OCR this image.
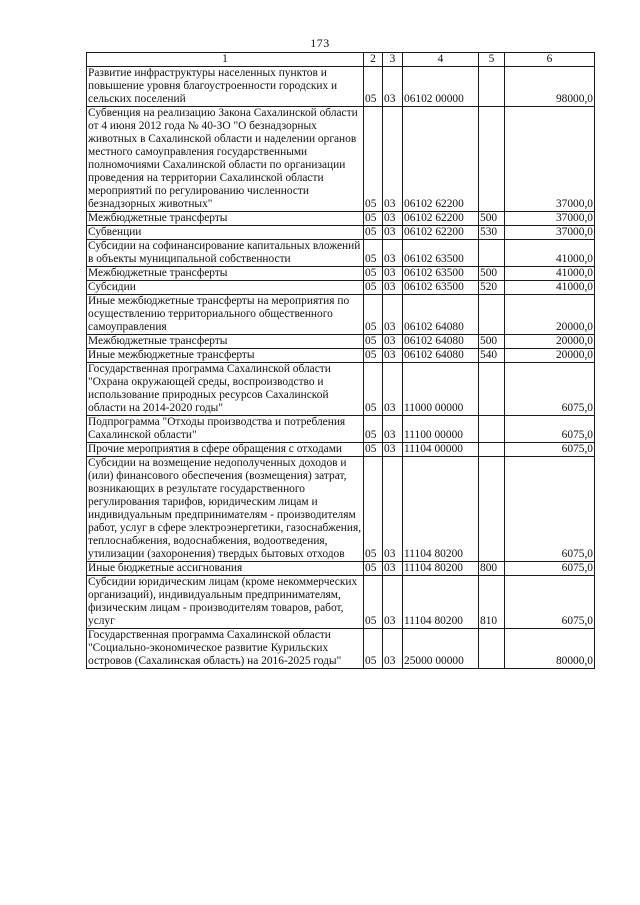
173
1	2	3	4	5	6
Развитие инфраструктуры населенных пунктов и повышение уровня благоустроенности городских и сельских поселений	05	03	06102 00000		98000,0
Субвенция на реализацию Закона Сахалинской области от 4 июня 2012 года № 40-ЗО "О безнадзорных животных в Сахалинской области и наделении органов местного самоуправления государственными полномочиями Сахалинской области по организации проведения на территории Сахалинской области мероприятий по регулированию численности безнадзорных животных"	05	03	06102 62200		37000,0
Межбюджетные трансферты	05	03	06102 62200	500	37000,0
Субвенции	05	03	06102 62200	530	37000,0
Субсидии на софинансирование капитальных вложений в объекты муниципальной собственности	05	03	06102 63500		41000,0
Межбюджетные трансферты	05	03	06102 63500	500	41000,0
Субсидии	05	03	06102 63500	520	41000,0
Иные межбюджетные трансферты на мероприятия по осуществлению территориального общественного самоуправления	05	03	06102 64080		20000,0
Межбюджетные трансферты	05	03	06102 64080	500	20000,0
Иные межбюджетные трансферты	05	03	06102 64080	540	20000,0
Государственная программа Сахалинской области "Охрана окружающей среды, воспроизводство и использование природных ресурсов Сахалинской области на 2014-2020 годы"	05	03	11000 00000		6075,0
Подпрограмма "Отходы производства и потребления Сахалинской области"	05	03	11100 00000		6075,0
Прочие мероприятия в сфере обращения с отходами	05	03	11104 00000		6075,0
Субсидии на возмещение недополученных доходов и (или) финансового обеспечения (возмещения) затрат, возникающих в результате государственного регулирования тарифов, юридическим лицам и индивидуальным предпринимателям - производителям работ, услуг в сфере электроэнергетики, газоснабжения, теплоснабжения, водоснабжения, водоотведения, утилизации (захоронения) твердых бытовых отходов	05	03	11104 80200		6075,0
Иные бюджетные ассигнования	05	03	11104 80200	800	6075,0
Субсидии юридическим лицам (кроме некоммерческих организаций), индивидуальным предпринимателям, физическим лицам - производителям товаров, работ, услуг	05	03	11104 80200	810	6075,0
Государственная программа Сахалинской области "Социально-экономическое развитие Курильских островов (Сахалинская область) на 2016-2025 годы"	05	03	25000 00000		80000,0
